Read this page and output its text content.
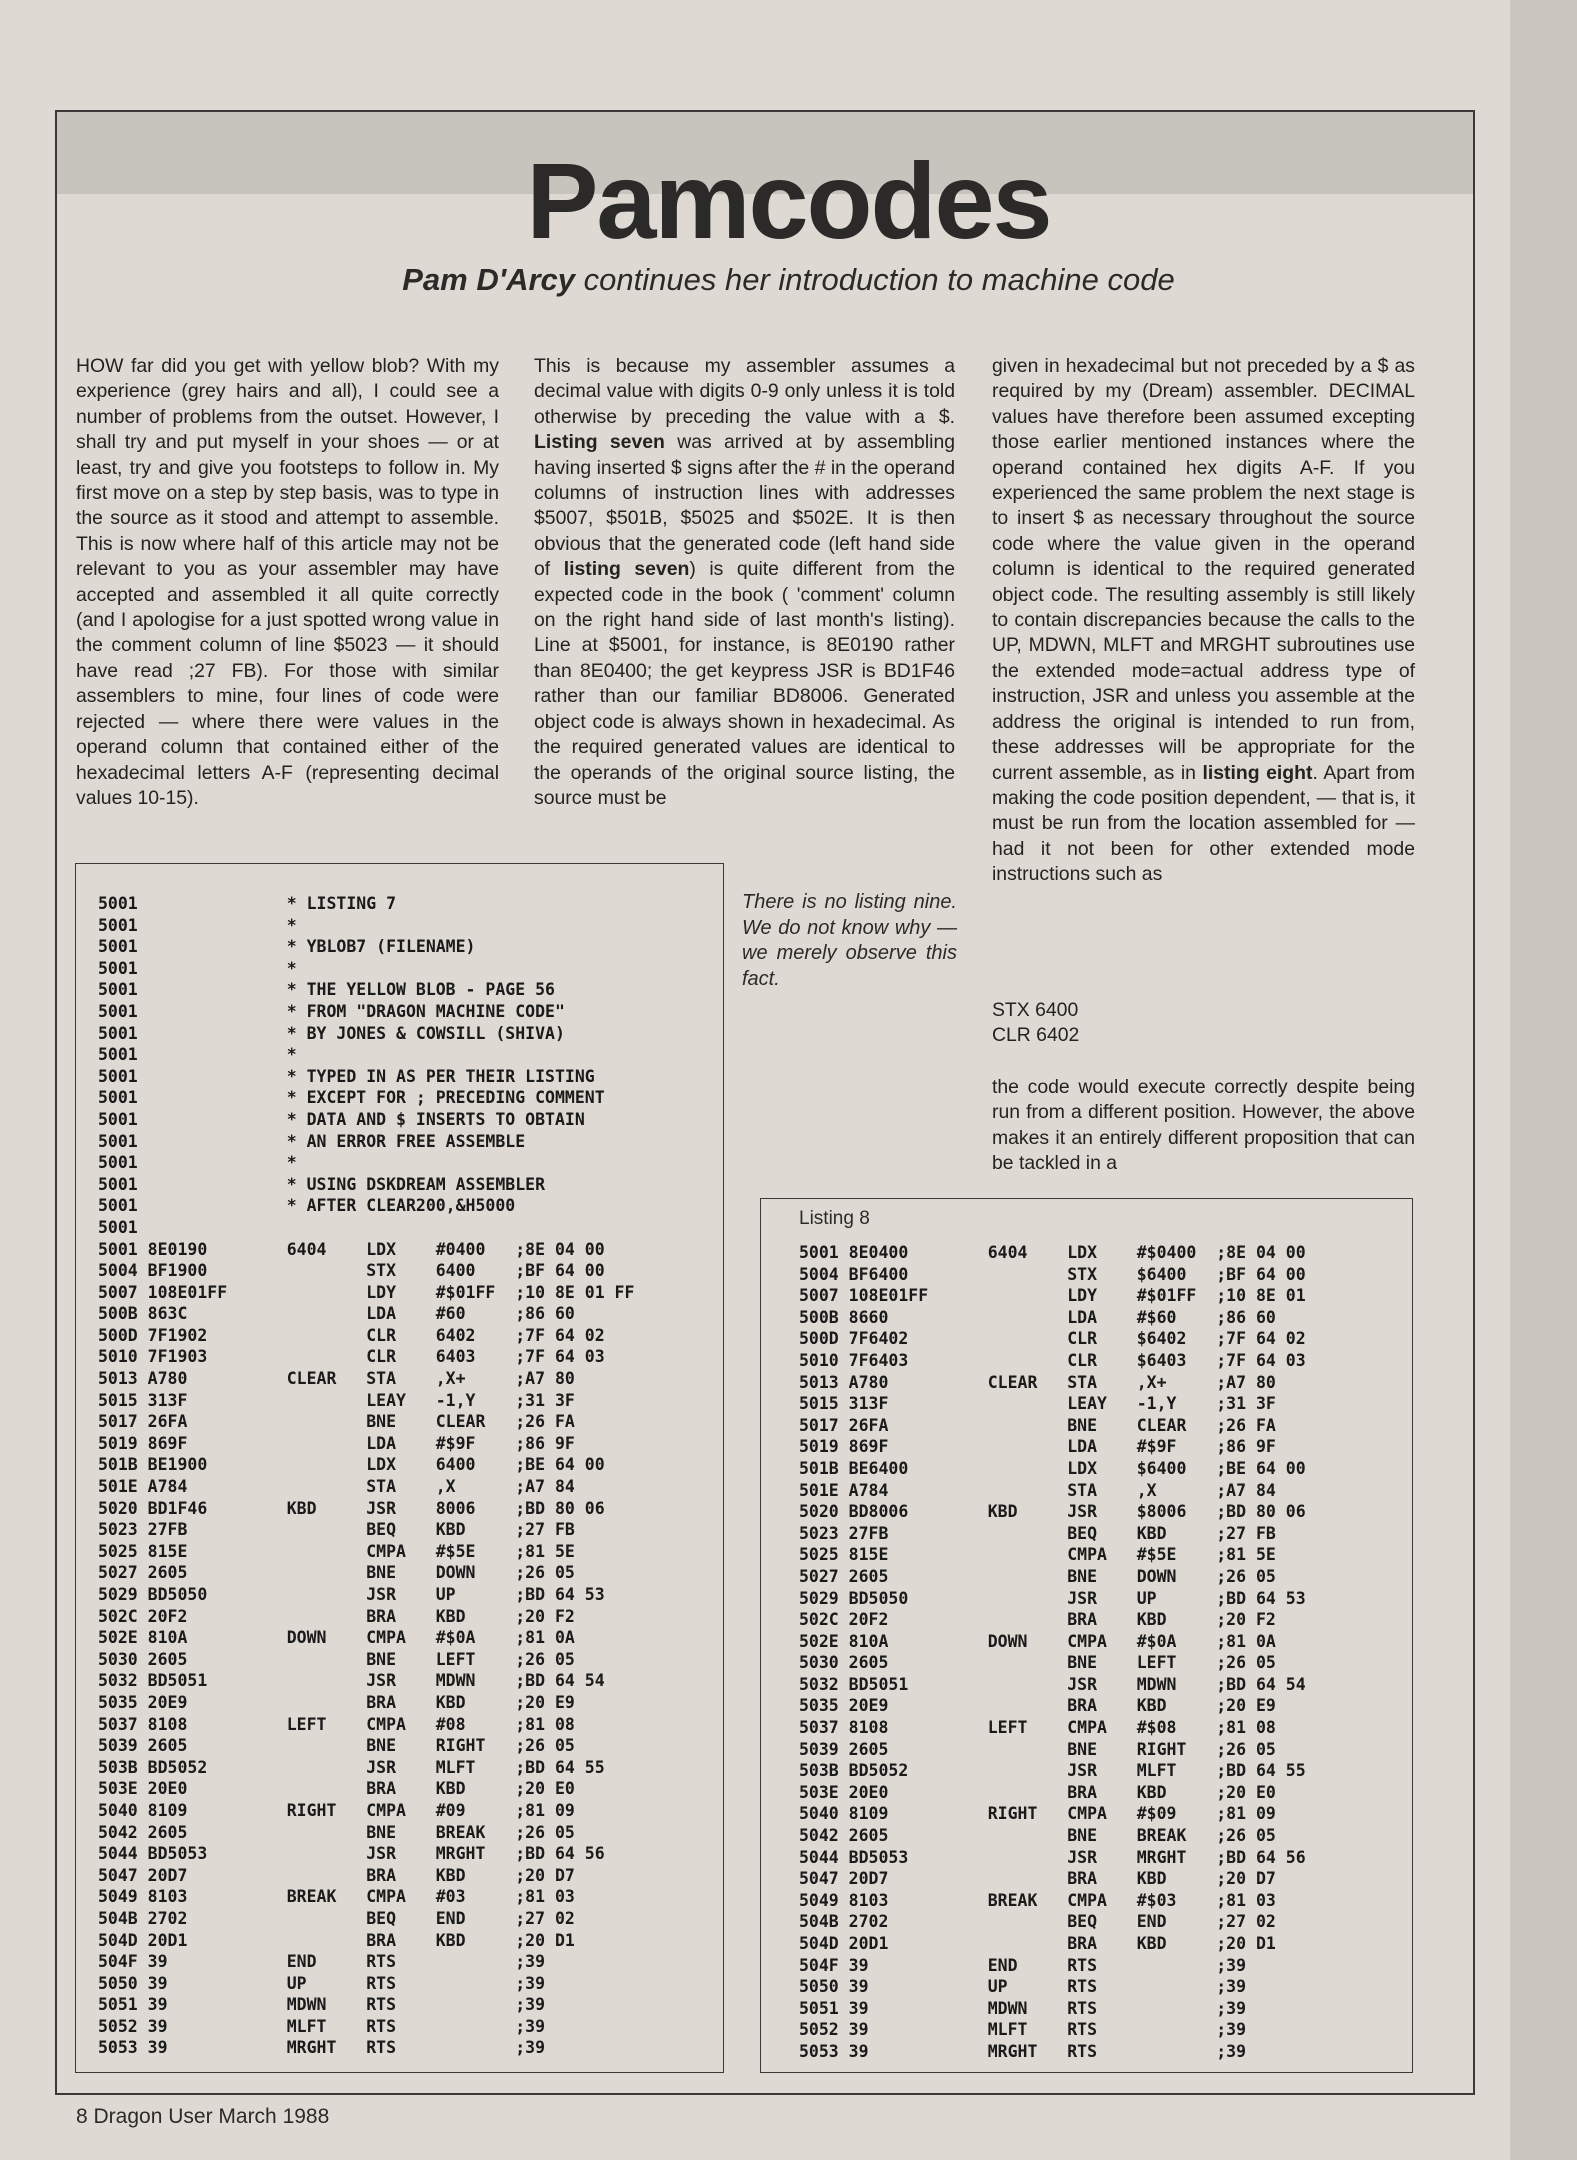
Pamcodes
Pam D'Arcy continues her introduction to machine code

HOW far did you get with yellow blob? With my experience (grey hairs and all), I could see a number of problems from the outset. However, I shall try and put myself in your shoes — or at least, try and give you footsteps to follow in. My first move on a step by step basis, was to type in the source as it stood and attempt to assemble. This is now where half of this article may not be relevant to you as your assembler may have accepted and assembled it all quite correctly (and I apologise for a just spotted wrong value in the comment column of line $5023 — it should have read ;27 FB). For those with similar assemblers to mine, four lines of code were rejected — where there were values in the operand column that contained either of the hexadecimal letters A-F (representing decimal values 10-15).

This is because my assembler assumes a decimal value with digits 0-9 only unless it is told otherwise by preceding the value with a $. Listing seven was arrived at by assembling having inserted $ signs after the # in the operand columns of instruction lines with addresses $5007, $501B, $5025 and $502E. It is then obvious that the generated code (left hand side of listing seven) is quite different from the expected code in the book ( 'comment' column on the right hand side of last month's listing). Line at $5001, for instance, is 8E0190 rather than 8E0400; the get keypress JSR is BD1F46 rather than our familiar BD8006. Generated object code is always shown in hexadecimal. As the required generated values are identical to the operands of the original source listing, the source must be

given in hexadecimal but not preceded by a $ as required by my (Dream) assembler. DECIMAL values have therefore been assumed excepting those earlier mentioned instances where the operand contained hex digits A-F. If you experienced the same problem the next stage is to insert $ as necessary throughout the source code where the value given in the operand column is identical to the required generated object code. The resulting assembly is still likely to contain discrepancies because the calls to the UP, MDWN, MLFT and MRGHT subroutines use the extended mode=actual address type of instruction, JSR and unless you assemble at the address the original is intended to run from, these addresses will be appropriate for the current assemble, as in listing eight. Apart from making the code position dependent, — that is, it must be run from the location assembled for — had it not been for other extended mode instructions such as

STX 6400
CLR 6402

the code would execute correctly despite being run from a different position. However, the above makes it an entirely different proposition that can be tackled in a

There is no listing nine. We do not know why — we merely observe this fact.
5001               * LISTING 7
5001               *
5001               * YBLOB7 (FILENAME)
5001               *
5001               * THE YELLOW BLOB - PAGE 56
5001               * FROM "DRAGON MACHINE CODE"
5001               * BY JONES & COWSILL (SHIVA)
5001               *
5001               * TYPED IN AS PER THEIR LISTING
5001               * EXCEPT FOR ; PRECEDING COMMENT
5001               * DATA AND $ INSERTS TO OBTAIN
5001               * AN ERROR FREE ASSEMBLE
5001               *
5001               * USING DSKDREAM ASSEMBLER
5001               * AFTER CLEAR200,&H5000
5001
5001 8E0190        6404    LDX    #0400   ;8E 04 00
5004 BF1900                STX    6400    ;BF 64 00
5007 108E01FF              LDY    #$01FF  ;10 8E 01 FF
500B 863C                  LDA    #60     ;86 60
500D 7F1902                CLR    6402    ;7F 64 02
5010 7F1903                CLR    6403    ;7F 64 03
5013 A780          CLEAR   STA    ,X+     ;A7 80
5015 313F                  LEAY   -1,Y    ;31 3F
5017 26FA                  BNE    CLEAR   ;26 FA
5019 869F                  LDA    #$9F    ;86 9F
501B BE1900                LDX    6400    ;BE 64 00
501E A784                  STA    ,X      ;A7 84
5020 BD1F46        KBD     JSR    8006    ;BD 80 06
5023 27FB                  BEQ    KBD     ;27 FB
5025 815E                  CMPA   #$5E    ;81 5E
5027 2605                  BNE    DOWN    ;26 05
5029 BD5050                JSR    UP      ;BD 64 53
502C 20F2                  BRA    KBD     ;20 F2
502E 810A          DOWN    CMPA   #$0A    ;81 0A
5030 2605                  BNE    LEFT    ;26 05
5032 BD5051                JSR    MDWN    ;BD 64 54
5035 20E9                  BRA    KBD     ;20 E9
5037 8108          LEFT    CMPA   #08     ;81 08
5039 2605                  BNE    RIGHT   ;26 05
503B BD5052                JSR    MLFT    ;BD 64 55
503E 20E0                  BRA    KBD     ;20 E0
5040 8109          RIGHT   CMPA   #09     ;81 09
5042 2605                  BNE    BREAK   ;26 05
5044 BD5053                JSR    MRGHT   ;BD 64 56
5047 20D7                  BRA    KBD     ;20 D7
5049 8103          BREAK   CMPA   #03     ;81 03
504B 2702                  BEQ    END     ;27 02
504D 20D1                  BRA    KBD     ;20 D1
504F 39            END     RTS            ;39
5050 39            UP      RTS            ;39
5051 39            MDWN    RTS            ;39
5052 39            MLFT    RTS            ;39
5053 39            MRGHT   RTS            ;39

Listing 8
5001 8E0400        6404    LDX    #$0400  ;8E 04 00
5004 BF6400                STX    $6400   ;BF 64 00
5007 108E01FF              LDY    #$01FF  ;10 8E 01
500B 8660                  LDA    #$60    ;86 60
500D 7F6402                CLR    $6402   ;7F 64 02
5010 7F6403                CLR    $6403   ;7F 64 03
5013 A780          CLEAR   STA    ,X+     ;A7 80
5015 313F                  LEAY   -1,Y    ;31 3F
5017 26FA                  BNE    CLEAR   ;26 FA
5019 869F                  LDA    #$9F    ;86 9F
501B BE6400                LDX    $6400   ;BE 64 00
501E A784                  STA    ,X      ;A7 84
5020 BD8006        KBD     JSR    $8006   ;BD 80 06
5023 27FB                  BEQ    KBD     ;27 FB
5025 815E                  CMPA   #$5E    ;81 5E
5027 2605                  BNE    DOWN    ;26 05
5029 BD5050                JSR    UP      ;BD 64 53
502C 20F2                  BRA    KBD     ;20 F2
502E 810A          DOWN    CMPA   #$0A    ;81 0A
5030 2605                  BNE    LEFT    ;26 05
5032 BD5051                JSR    MDWN    ;BD 64 54
5035 20E9                  BRA    KBD     ;20 E9
5037 8108          LEFT    CMPA   #$08    ;81 08
5039 2605                  BNE    RIGHT   ;26 05
503B BD5052                JSR    MLFT    ;BD 64 55
503E 20E0                  BRA    KBD     ;20 E0
5040 8109          RIGHT   CMPA   #$09    ;81 09
5042 2605                  BNE    BREAK   ;26 05
5044 BD5053                JSR    MRGHT   ;BD 64 56
5047 20D7                  BRA    KBD     ;20 D7
5049 8103          BREAK   CMPA   #$03    ;81 03
504B 2702                  BEQ    END     ;27 02
504D 20D1                  BRA    KBD     ;20 D1
504F 39            END     RTS            ;39
5050 39            UP      RTS            ;39
5051 39            MDWN    RTS            ;39
5052 39            MLFT    RTS            ;39
5053 39            MRGHT   RTS            ;39

8 Dragon User March 1988
